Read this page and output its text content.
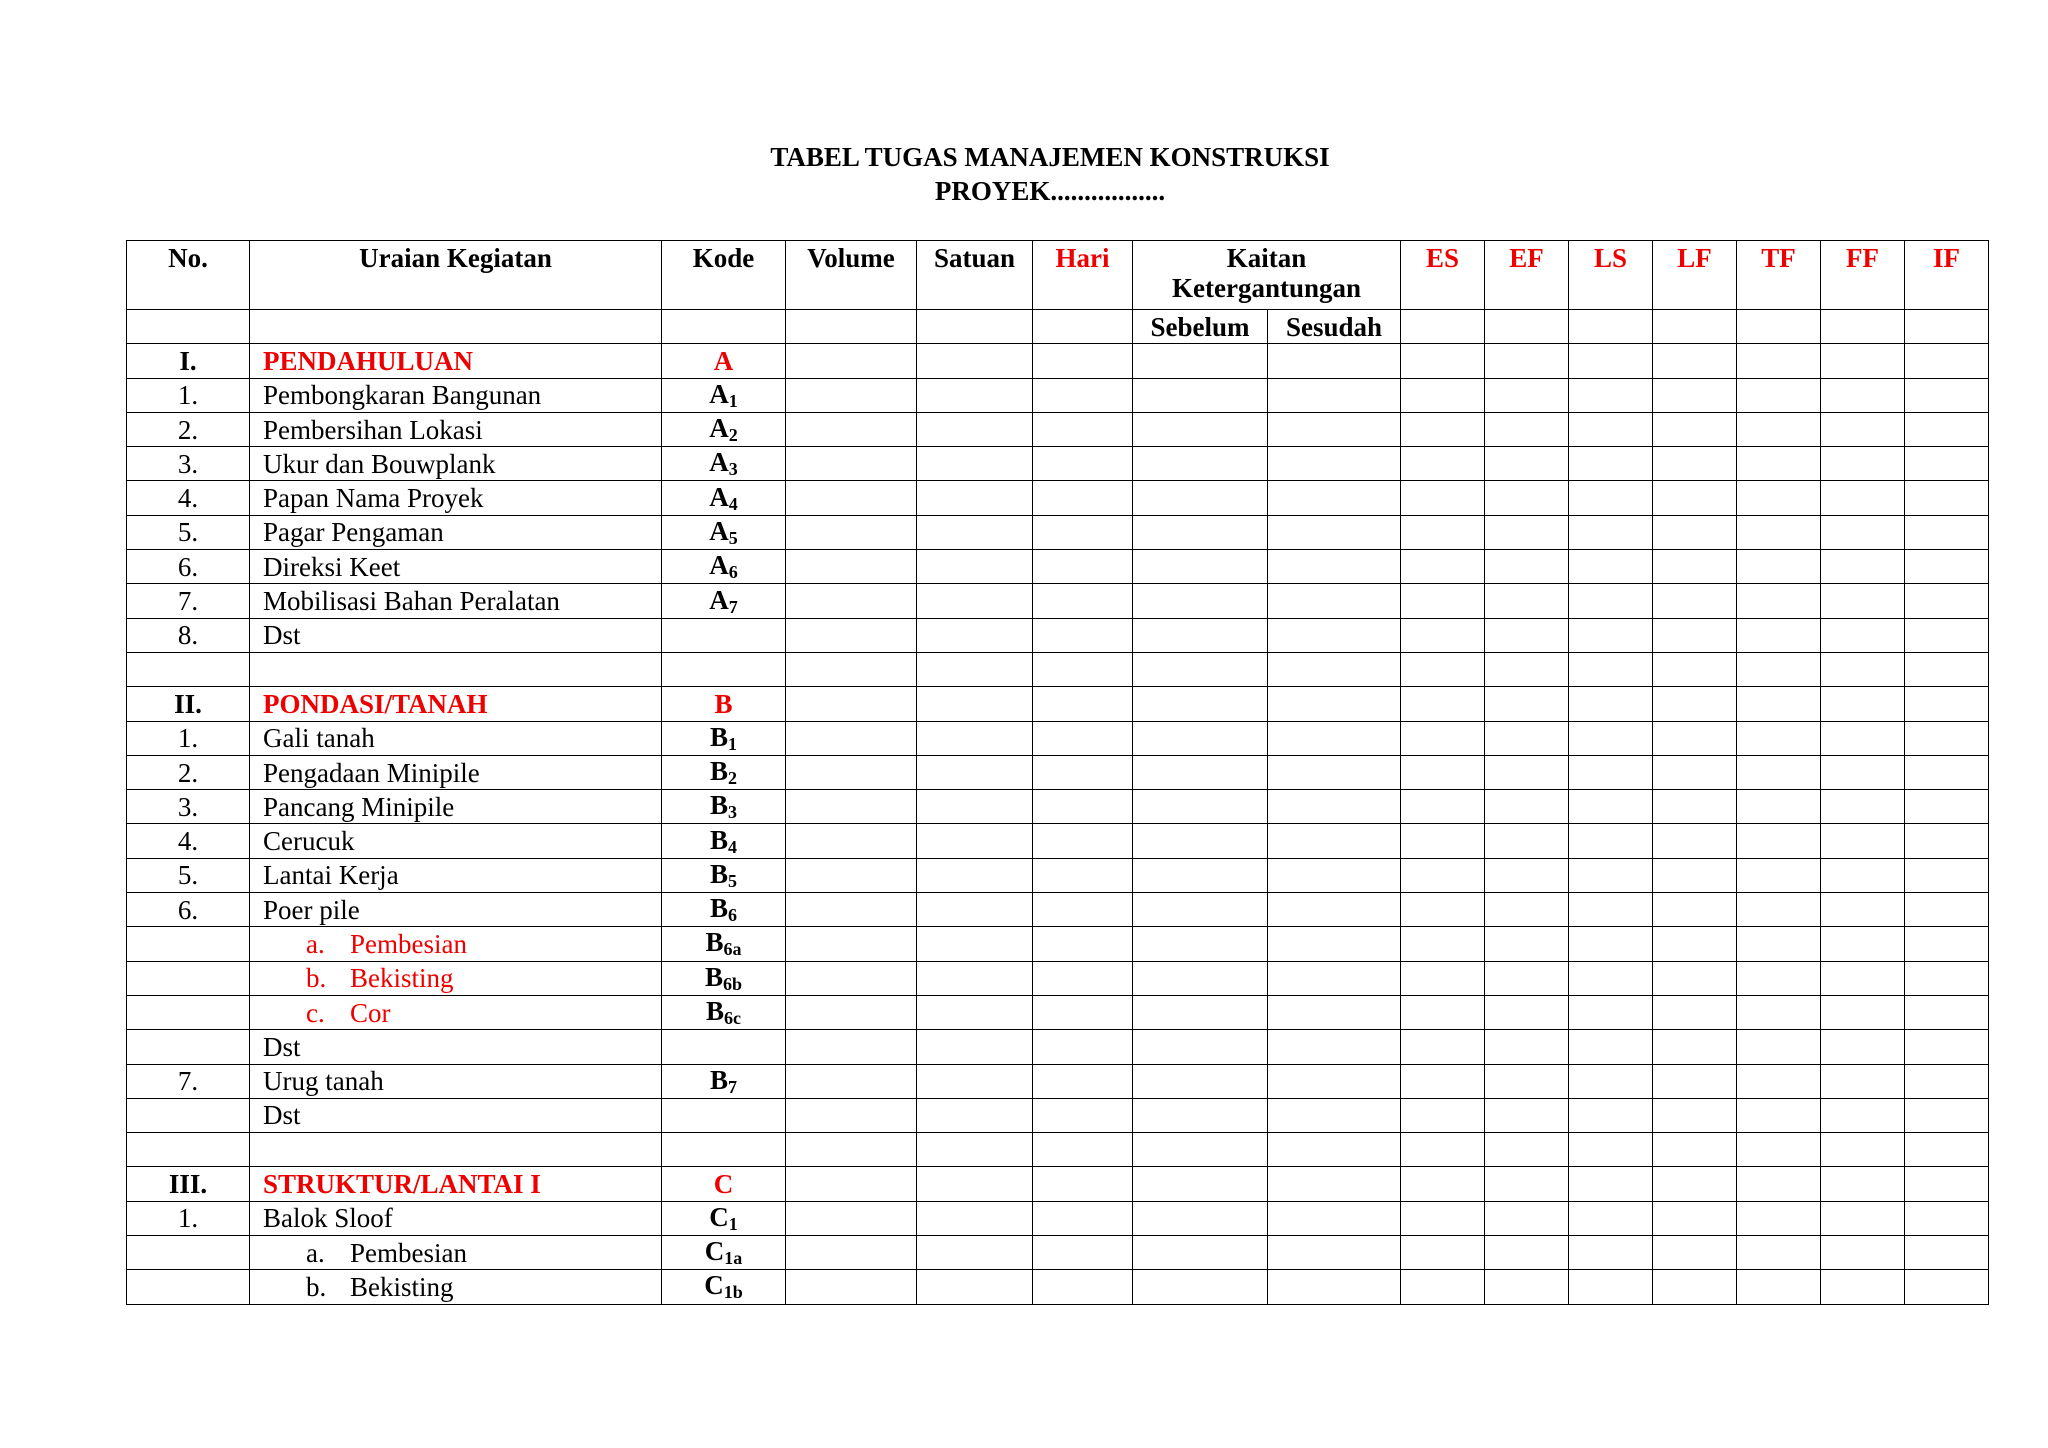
TABEL TUGAS MANAJEMEN KONSTRUKSI
PROYEK.................
No.	Uraian Kegiatan	Kode	Volume	Satuan	Hari	Kaitan Ketergantungan		ES	EF	LS	LF	TF	FF	IF
						Sebelum	Sesudah							
I.	PENDAHULUAN	A												
1.	Pembongkaran Bangunan	$A_1$												
2.	Pembersihan Lokasi	$A_2$												
3.	Ukur dan Bouwplank	$A_3$												
4.	Papan Nama Proyek	$A_4$												
5.	Pagar Pengaman	$A_5$												
6.	Direksi Keet	$A_6$												
7.	Mobilisasi Bahan Peralatan	$A_7$												
8.	Dst													

II.	PONDASI/TANAH	B												
1.	Gali tanah	$B_1$												
2.	Pengadaan Minipile	$B_2$												
3.	Pancang Minipile	$B_3$												
4.	Cerucuk	$B_4$												
5.	Lantai Kerja	$B_5$												
6.	Poer pile	$B_6$												
	a. Pembesian	$B_{6a}$												
	b. Bekisting	$B_{6b}$												
	c. Cor	$B_{6c}$												
	Dst													
7.	Urug tanah	$B_7$												
	Dst													

III.	STRUKTUR/LANTAI I	C												
1.	Balok Sloof	$C_1$												
	a. Pembesian	$C_{1a}$												
	b. Bekisting	$C_{1b}$												
